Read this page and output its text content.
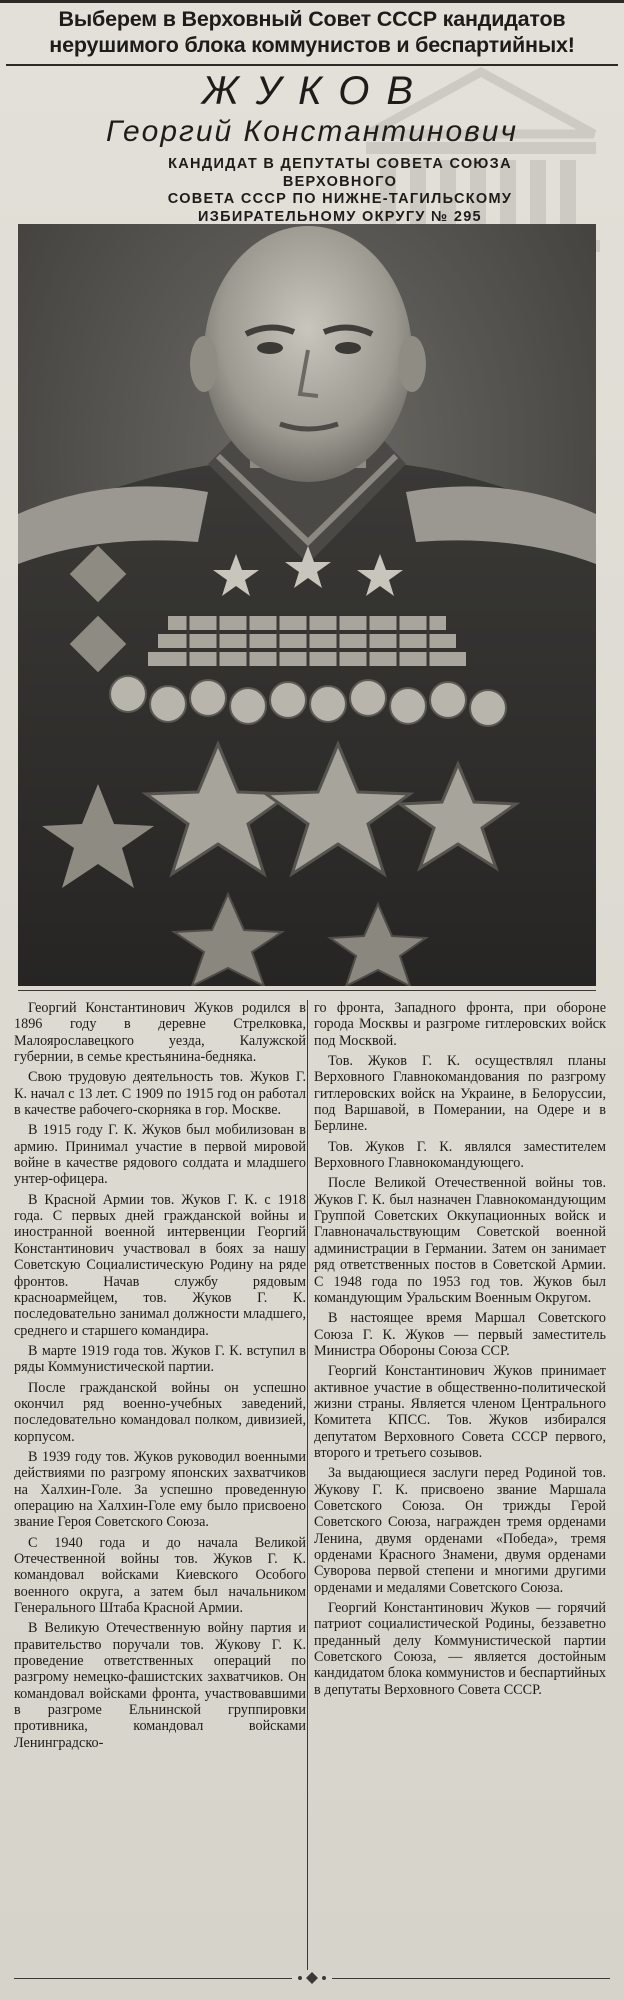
Выберем в Верховный Совет СССР кандидатов
нерушимого блока коммунистов и беспартийных!
ЖУКОВ
Георгий Константинович
КАНДИДАТ В ДЕПУТАТЫ СОВЕТА СОЮЗА ВЕРХОВНОГО
СОВЕТА СССР ПО НИЖНЕ-ТАГИЛЬСКОМУ
ИЗБИРАТЕЛЬНОМУ ОКРУГУ № 295

Георгий Константинович Жуков родился в 1896 году в деревне Стрелковка, Малоярославецкого уезда, Калужской губернии, в семье крестьянина-бедняка.

Свою трудовую деятельность тов. Жуков Г. К. начал с 13 лет. С 1909 по 1915 год он работал в качестве рабочего-скорняка в гор. Москве.

В 1915 году Г. К. Жуков был мобилизован в армию. Принимал участие в первой мировой войне в качестве рядового солдата и младшего унтер-офицера.

В Красной Армии тов. Жуков Г. К. с 1918 года. С первых дней гражданской войны и иностранной военной интервенции Георгий Константинович участвовал в боях за нашу Советскую Социалистическую Родину на ряде фронтов. Начав службу рядовым красноармейцем, тов. Жуков Г. К. последовательно занимал должности младшего, среднего и старшего командира.

В марте 1919 года тов. Жуков Г. К. вступил в ряды Коммунистической партии.

После гражданской войны он успешно окончил ряд военно-учебных заведений, последовательно командовал полком, дивизией, корпусом.

В 1939 году тов. Жуков руководил военными действиями по разгрому японских захватчиков на Халхин-Голе. За успешно проведенную операцию на Халхин-Голе ему было присвоено звание Героя Советского Союза.

С 1940 года и до начала Великой Отечественной войны тов. Жуков Г. К. командовал войсками Киевского Особого военного округа, а затем был начальником Генерального Штаба Красной Армии.

В Великую Отечественную войну партия и правительство поручали тов. Жукову Г. К. проведение ответственных операций по разгрому немецко-фашистских захватчиков. Он командовал войсками фронта, участвовавшими в разгроме Ельнинской группировки противника, командовал войсками Ленинградско-

го фронта, Западного фронта, при обороне города Москвы и разгроме гитлеровских войск под Москвой.

Тов. Жуков Г. К. осуществлял планы Верховного Главнокомандования по разгрому гитлеровских войск на Украине, в Белоруссии, под Варшавой, в Померании, на Одере и в Берлине.

Тов. Жуков Г. К. являлся заместителем Верховного Главнокомандующего.

После Великой Отечественной войны тов. Жуков Г. К. был назначен Главнокомандующим Группой Советских Оккупационных войск и Главноначальствующим Советской военной администрации в Германии. Затем он занимает ряд ответственных постов в Советской Армии. С 1948 года по 1953 год тов. Жуков был командующим Уральским Военным Округом.

В настоящее время Маршал Советского Союза Г. К. Жуков — первый заместитель Министра Обороны Союза ССР.

Георгий Константинович Жуков принимает активное участие в общественно-политической жизни страны. Является членом Центрального Комитета КПСС. Тов. Жуков избирался депутатом Верховного Совета СССР первого, второго и третьего созывов.

За выдающиеся заслуги перед Родиной тов. Жукову Г. К. присвоено звание Маршала Советского Союза. Он трижды Герой Советского Союза, награжден тремя орденами Ленина, двумя орденами «Победа», тремя орденами Красного Знамени, двумя орденами Суворова первой степени и многими другими орденами и медалями Советского Союза.

Георгий Константинович Жуков — горячий патриот социалистической Родины, беззаветно преданный делу Коммунистической партии Советского Союза, — является достойным кандидатом блока коммунистов и беспартийных в депутаты Верховного Совета СССР.
